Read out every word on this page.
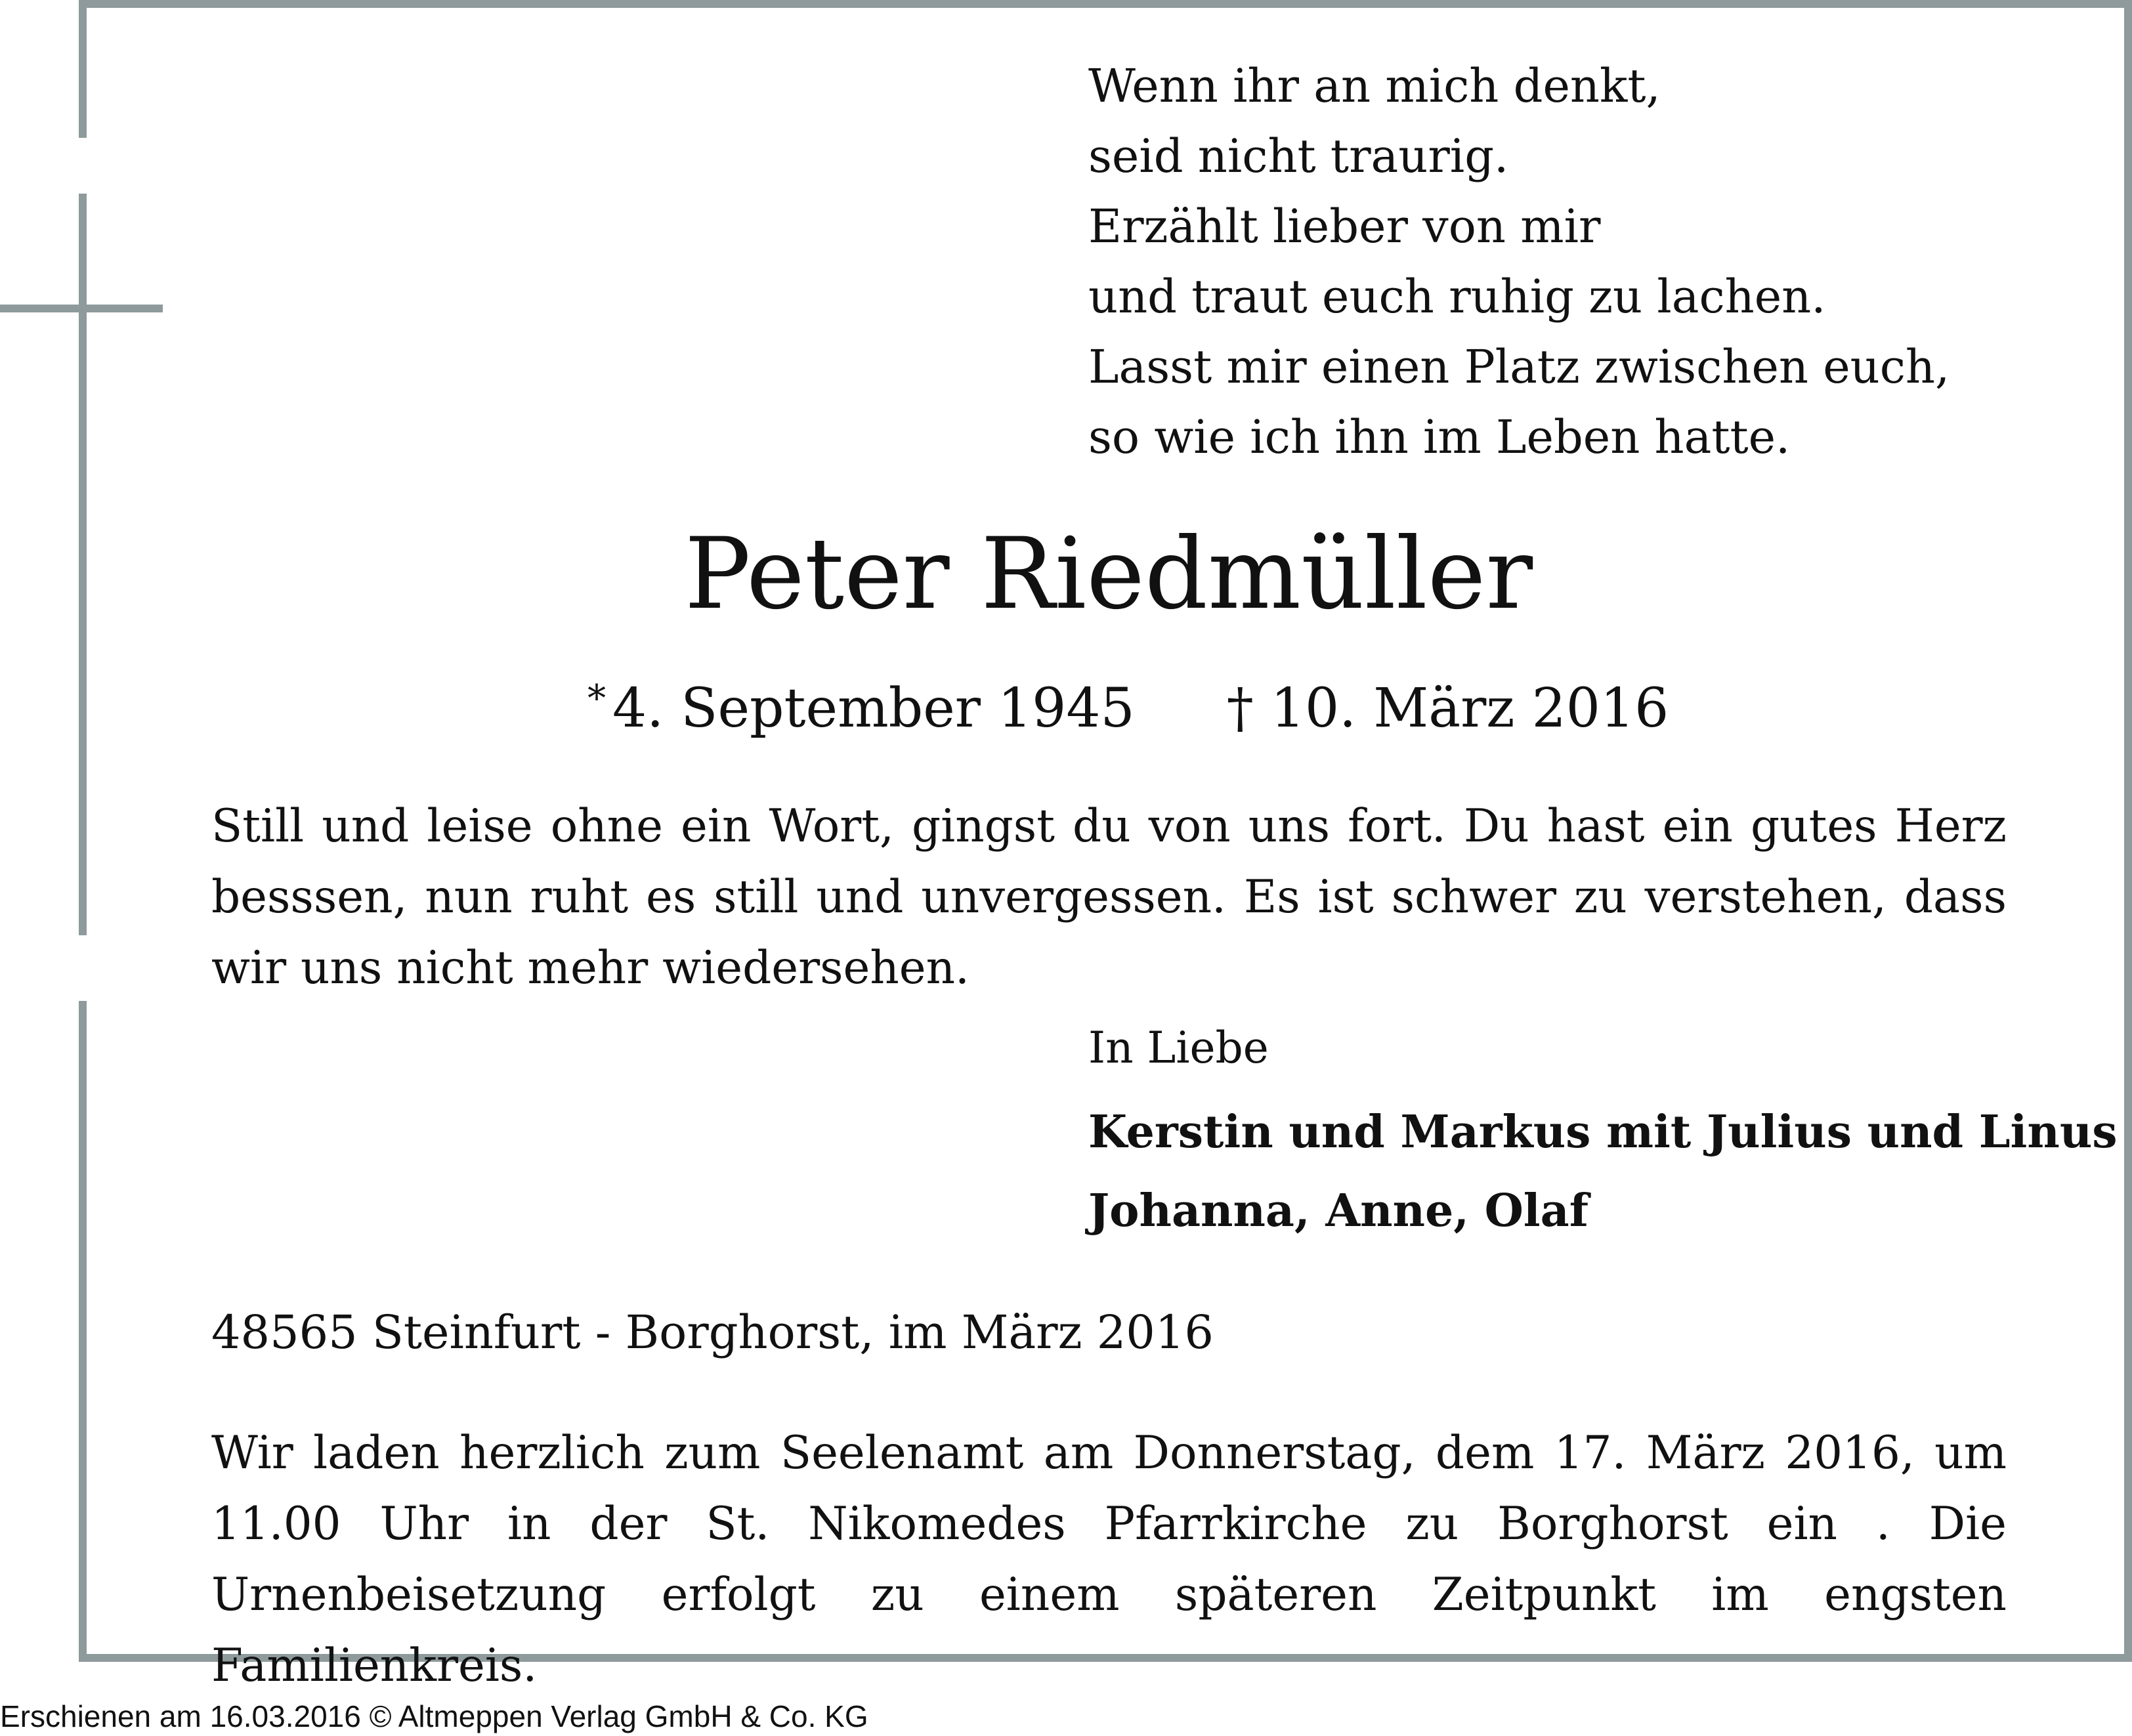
Wenn ihr an mich denkt,
seid nicht traurig.
Erzählt lieber von mir
und traut euch ruhig zu lachen.
Lasst mir einen Platz zwischen euch,
so wie ich ihn im Leben hatte.
Peter Riedmüller
* 4. September 1945 † 10. März 2016

Still und leise ohne ein Wort, gingst du von uns fort. Du hast ein gutes Herz besssen, nun ruht es still und unvergessen. Es ist schwer zu verstehen, dass wir uns nicht mehr wiedersehen.

In Liebe
Kerstin und Markus mit Julius und Linus
Johanna, Anne, Olaf
48565 Steinfurt - Borghorst, im März 2016

Wir laden herzlich zum Seelenamt am Donnerstag, dem 17. März 2016, um 11.00 Uhr in der St. Nikomedes Pfarrkirche zu Borghorst ein . Die Urnenbeisetzung erfolgt zu einem späteren Zeitpunkt im engsten Familienkreis.

Erschienen am 16.03.2016 © Altmeppen Verlag GmbH & Co. KG
